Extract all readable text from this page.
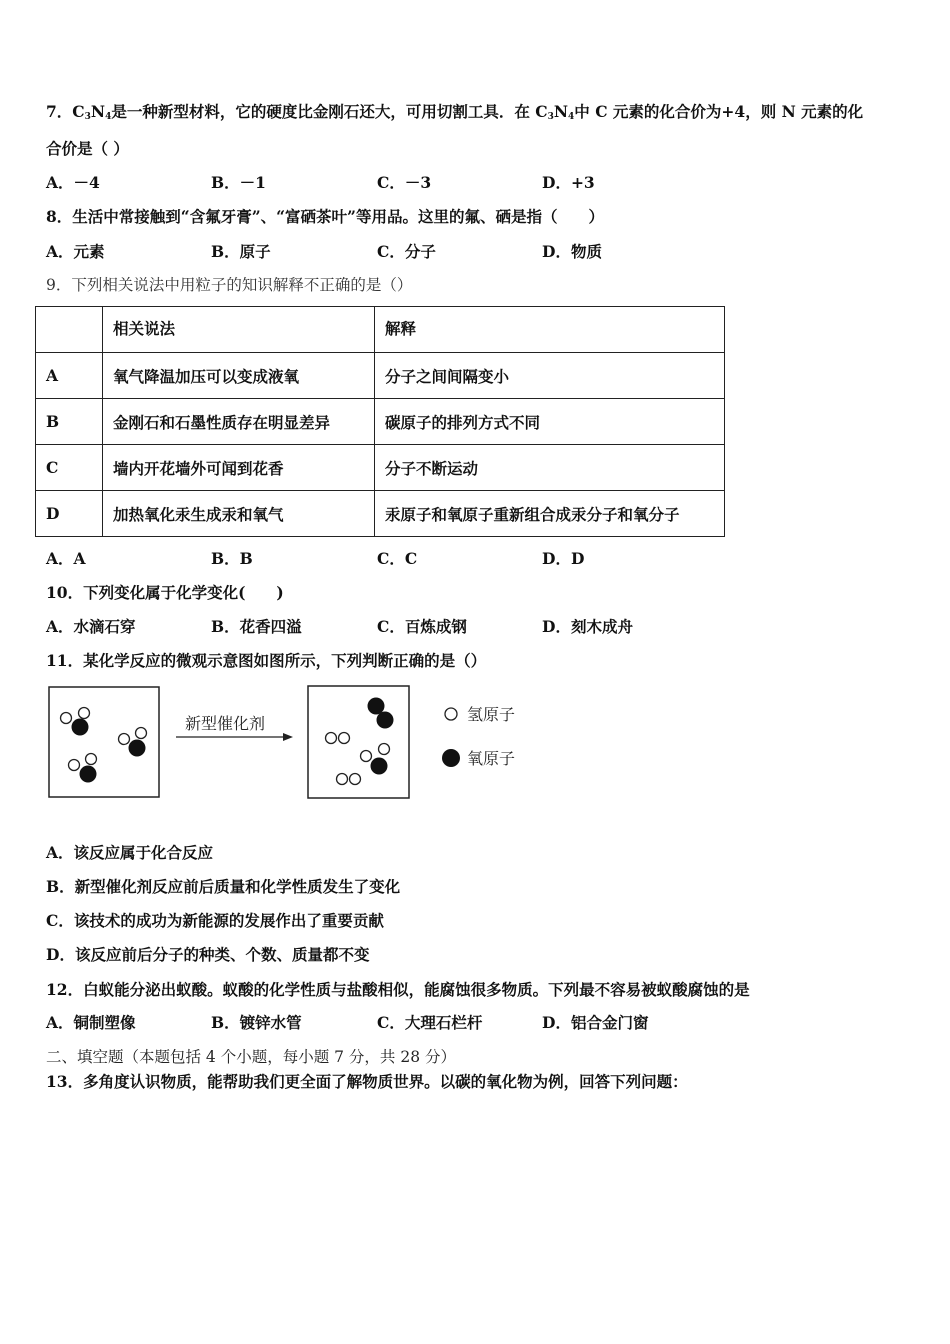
7．$C_3N_4$是一种新型材料，它的硬度比金刚石还大，可用切割工具．在 $C_3N_4$中 C 元素的化合价为+4，则 N 元素的化
合价是（ ）
A．－4	B．－1	C．－3	D．+3
8．生活中常接触到“含氟牙膏”、“富硒茶叶”等用品。这里的氟、硒是指（　　）
A．元素	B．原子	C．分子	D．物质
9．下列相关说法中用粒子的知识解释不正确的是（）
	相关说法	解释
A	氧气降温加压可以变成液氧	分子之间间隔变小
B	金刚石和石墨性质存在明显差异	碳原子的排列方式不同
C	墙内开花墙外可闻到花香	分子不断运动
D	加热氧化汞生成汞和氧气	汞原子和氧原子重新组合成汞分子和氧分子
A．A	B．B	C．C	D．D
10．下列变化属于化学变化(　　)
A．水滴石穿	B．花香四溢	C．百炼成钢	D．刻木成舟
11．某化学反应的微观示意图如图所示，下列判断正确的是（）
新型催化剂	氢原子
氧原子
A．该反应属于化合反应
B．新型催化剂反应前后质量和化学性质发生了变化
C．该技术的成功为新能源的发展作出了重要贡献
D．该反应前后分子的种类、个数、质量都不变
12．白蚁能分泌出蚁酸。蚁酸的化学性质与盐酸相似，能腐蚀很多物质。下列最不容易被蚁酸腐蚀的是
A．铜制塑像	B．镀锌水管	C．大理石栏杆	D．铝合金门窗
二、填空题（本题包括 4 个小题，每小题 7 分，共 28 分）
13．多角度认识物质，能帮助我们更全面了解物质世界。以碳的氧化物为例，回答下列问题：
